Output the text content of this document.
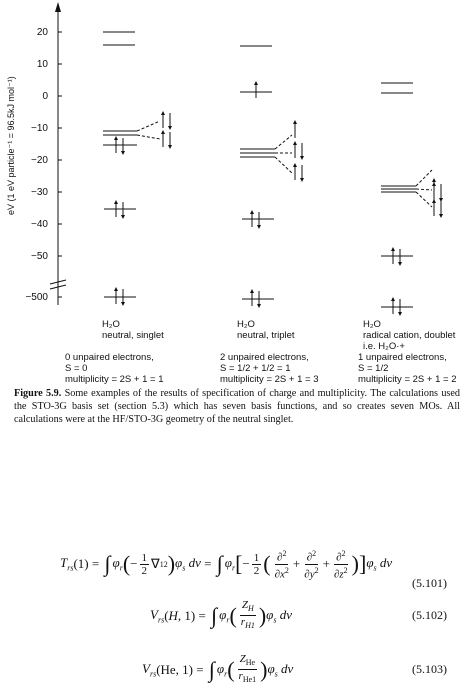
20
10
0
−10
−20
−30
−40
−50
−500
eV (1 eV particle⁻¹ = 96.5kJ mol⁻¹)
H₂O
neutral, singlet
H₂O
neutral, triplet
H₂O
radical cation, doublet
i.e. H₂O·+
0 unpaired electrons,
S = 0
multiplicity = 2S + 1 = 1
2 unpaired electrons,
S = 1/2 + 1/2 = 1
multiplicity = 2S + 1 = 3
1 unpaired electrons,
S = 1/2
multiplicity = 2S + 1 = 2
Figure 5.9. Some examples of the results of specification of charge and multiplicity. The calculations used the STO-3G basis set (section 5.3) which has seven basis functions, and so creates seven MOs. All calculations were at the HF/STO-3G geometry of the neutral singlet.
$T_{rs}$ (1) = ∫ $\varphi_r$ ( − $\frac{1}{2}$ ∇ 1 2 ) $\varphi_s$ dv = ∫ $\varphi_r$ [ − $\frac{1}{2}$ ( $\frac{\partial^2}{\partial x^2} + \frac{\partial^2}{\partial y^2} + \frac{\partial^2}{\partial z^2}$ ) ] $\varphi_s$ dv
(5.101)
$V_{rs}$ ( H , 1) = ∫ $\varphi_r$ ( $\frac{Z_H}{r_{H1}}$ ) $\varphi_s$ dv	(5.102)
$V_{rs}$ (He, 1) = ∫ $\varphi_r$ ( $\frac{Z_{He}}{r_{He1}}$ ) $\varphi_s$ dv	(5.103)
